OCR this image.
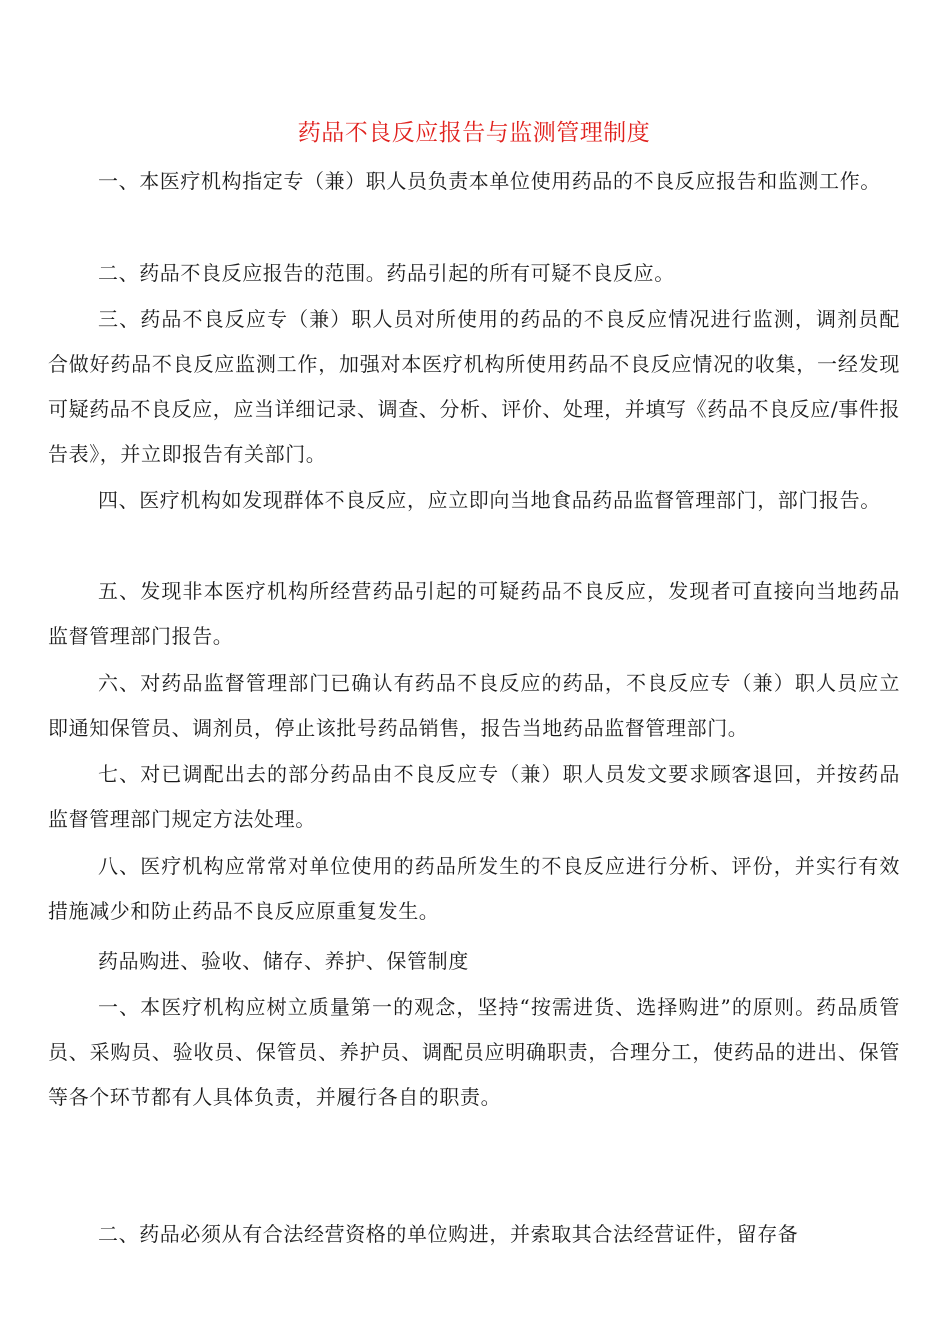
药品不良反应报告与监测管理制度

一、本医疗机构指定专（兼）职人员负责本单位使用药品的不良反应报告和监测工作。

二、药品不良反应报告的范围。药品引起的所有可疑不良反应。

三、药品不良反应专（兼）职人员对所使用的药品的不良反应情况进行监测，调剂员配合做好药品不良反应监测工作，加强对本医疗机构所使用药品不良反应情况的收集，一经发现可疑药品不良反应，应当详细记录、调查、分析、评价、处理，并填写《药品不良反应/事件报告表》，并立即报告有关部门。

四、医疗机构如发现群体不良反应，应立即向当地食品药品监督管理部门，部门报告。

五、发现非本医疗机构所经营药品引起的可疑药品不良反应，发现者可直接向当地药品监督管理部门报告。

六、对药品监督管理部门已确认有药品不良反应的药品，不良反应专（兼）职人员应立即通知保管员、调剂员，停止该批号药品销售，报告当地药品监督管理部门。

七、对已调配出去的部分药品由不良反应专（兼）职人员发文要求顾客退回，并按药品监督管理部门规定方法处理。

八、医疗机构应常常对单位使用的药品所发生的不良反应进行分析、评份，并实行有效措施减少和防止药品不良反应原重复发生。

药品购进、验收、储存、养护、保管制度

一、本医疗机构应树立质量第一的观念，坚持“按需进货、选择购进”的原则。药品质管员、采购员、验收员、保管员、养护员、调配员应明确职责，合理分工，使药品的进出、保管等各个环节都有人具体负责，并履行各自的职责。

二、药品必须从有合法经营资格的单位购进，并索取其合法经营证件，留存备
